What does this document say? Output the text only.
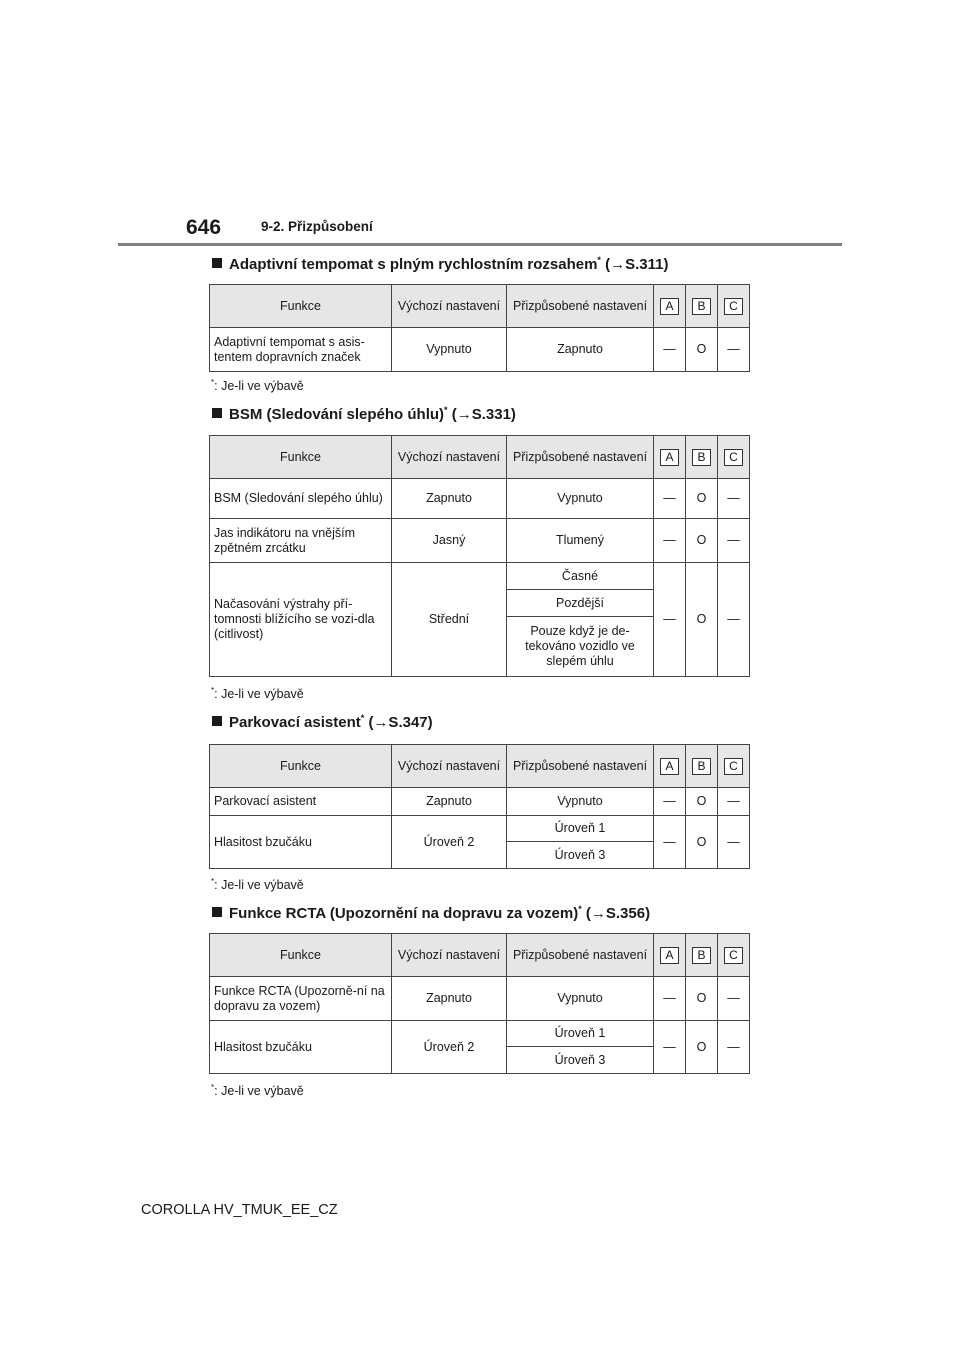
646	9-2. Přizpůsobení
Adaptivní tempomat s plným rychlostním rozsahem* (→S.311)
Funkce	Výchozí nastavení	Přizpůsobené nastavení	A	B	C
Adaptivní tempomat s asis-tentem dopravních značek	Vypnuto	Zapnuto	—	O	—
*: Je-li ve výbavě
BSM (Sledování slepého úhlu)* (→S.331)
Funkce	Výchozí nastavení	Přizpůsobené nastavení	A	B	C
BSM (Sledování slepého úhlu)	Zapnuto	Vypnuto	—	O	—
Jas indikátoru na vnějším zpětném zrcátku	Jasný	Tlumený	—	O	—
Načasování výstrahy pří-tomnosti blížícího se vozi-dla (citlivost)	Střední	Časné	—	O	—
		Pozdější			
		Pouze když je de-tekováno vozidlo ve slepém úhlu			
*: Je-li ve výbavě
Parkovací asistent* (→S.347)
Funkce	Výchozí nastavení	Přizpůsobené nastavení	A	B	C
Parkovací asistent	Zapnuto	Vypnuto	—	O	—
Hlasitost bzučáku	Úroveň 2	Úroveň 1	—	O	—
		Úroveň 3			
*: Je-li ve výbavě
Funkce RCTA (Upozornění na dopravu za vozem)* (→S.356)
Funkce	Výchozí nastavení	Přizpůsobené nastavení	A	B	C
Funkce RCTA (Upozorně-ní na dopravu za vozem)	Zapnuto	Vypnuto	—	O	—
Hlasitost bzučáku	Úroveň 2	Úroveň 1	—	O	—
		Úroveň 3			
*: Je-li ve výbavě
COROLLA HV_TMUK_EE_CZ
